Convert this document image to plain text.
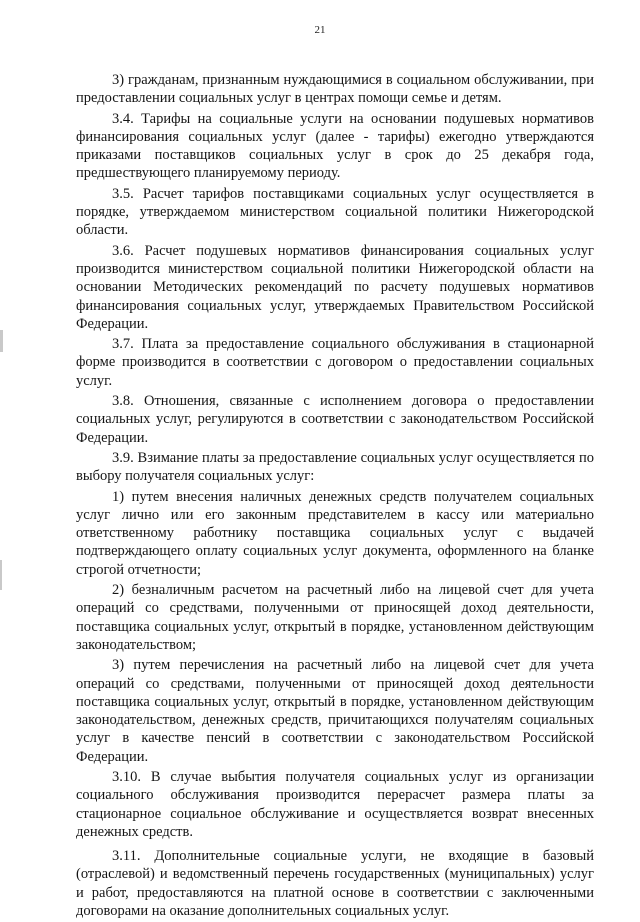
21

3) гражданам, признанным нуждающимися в социальном обслуживании, при предоставлении социальных услуг в центрах помощи семье и детям.

3.4. Тарифы на социальные услуги на основании подушевых нормативов финансирования социальных услуг (далее - тарифы) ежегодно утверждаются приказами поставщиков социальных услуг в срок до 25 декабря года, предшествующего планируемому периоду.

3.5. Расчет тарифов поставщиками социальных услуг осуществляется в порядке, утверждаемом министерством социальной политики Нижегородской области.

3.6. Расчет подушевых нормативов финансирования социальных услуг производится министерством социальной политики Нижегородской области на основании Методических рекомендаций по расчету подушевых нормативов финансирования социальных услуг, утверждаемых Правительством Российской Федерации.

3.7. Плата за предоставление социального обслуживания в стационарной форме производится в соответствии с договором о предоставлении социальных услуг.

3.8. Отношения, связанные с исполнением договора о предоставлении социальных услуг, регулируются в соответствии с законодательством Российской Федерации.

3.9. Взимание платы за предоставление социальных услуг осуществляется по выбору получателя социальных услуг:

1) путем внесения наличных денежных средств получателем социальных услуг лично или его законным представителем в кассу или материально ответственному работнику поставщика социальных услуг с выдачей подтверждающего оплату социальных услуг документа, оформленного на бланке строгой отчетности;

2) безналичным расчетом на расчетный либо на лицевой счет для учета операций со средствами, полученными от приносящей доход деятельности, поставщика социальных услуг, открытый в порядке, установленном действующим законодательством;

3) путем перечисления на расчетный либо на лицевой счет для учета операций со средствами, полученными от приносящей доход деятельности поставщика социальных услуг, открытый в порядке, установленном действующим законодательством, денежных средств, причитающихся получателям социальных услуг в качестве пенсий в соответствии с законодательством Российской Федерации.

3.10. В случае выбытия получателя социальных услуг из организации социального обслуживания производится перерасчет размера платы за стационарное социальное обслуживание и осуществляется возврат внесенных денежных средств.

3.11. Дополнительные социальные услуги, не входящие в базовый (отраслевой) и ведомственный перечень государственных (муниципальных) услуг и работ, предоставляются на платной основе в соответствии с заключенными договорами на оказание дополнительных социальных услуг.
